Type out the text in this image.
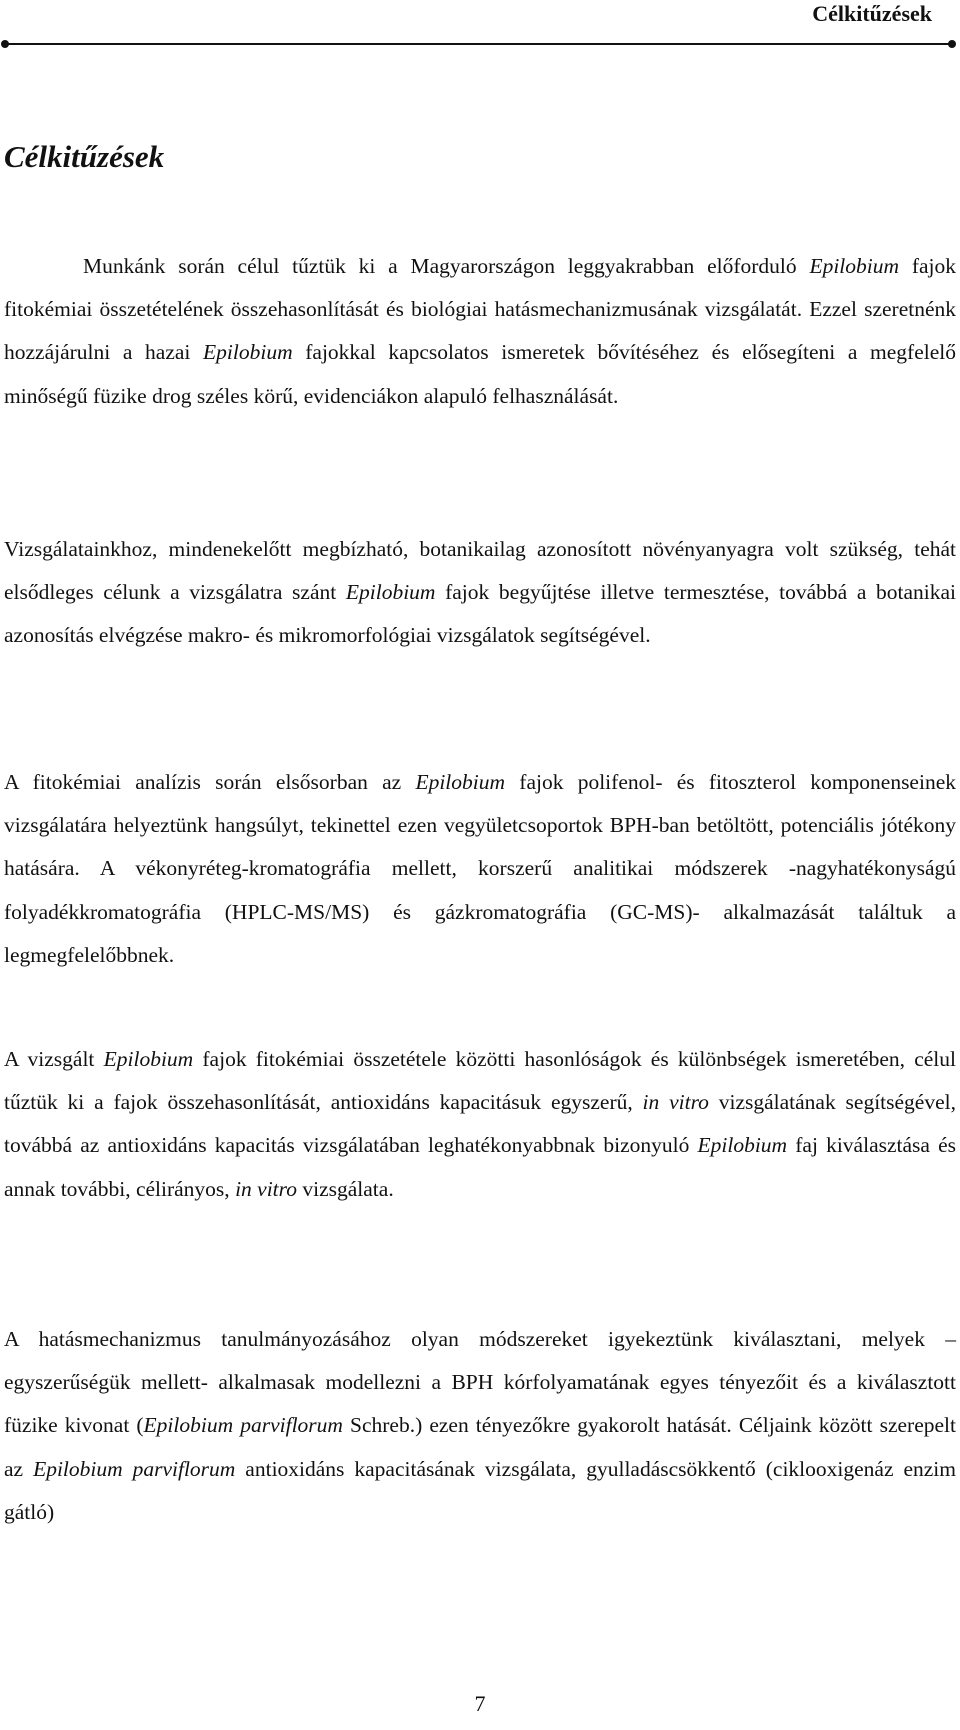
Célkitűzések
Célkitűzések

Munkánk során célul tűztük ki a Magyarországon leggyakrabban előforduló Epilobium fajok fitokémiai összetételének összehasonlítását és biológiai hatásmechanizmusának vizsgálatát. Ezzel szeretnénk hozzájárulni a hazai Epilobium fajokkal kapcsolatos ismeretek bővítéséhez és elősegíteni a megfelelő minőségű füzike drog széles körű, evidenciákon alapuló felhasználását.

Vizsgálatainkhoz, mindenekelőtt megbízható, botanikailag azonosított növényanyagra volt szükség, tehát elsődleges célunk a vizsgálatra szánt Epilobium fajok begyűjtése illetve termesztése, továbbá a botanikai azonosítás elvégzése makro- és mikromorfológiai vizsgálatok segítségével.

A fitokémiai analízis során elsősorban az Epilobium fajok polifenol- és fitoszterol komponenseinek vizsgálatára helyeztünk hangsúlyt, tekinettel ezen vegyületcsoportok BPH-ban betöltött, potenciális jótékony hatására. A vékonyréteg-kromatográfia mellett, korszerű analitikai módszerek -nagyhatékonyságú folyadékkromatográfia (HPLC-MS/MS) és gázkromatográfia (GC-MS)- alkalmazását találtuk a legmegfelelőbbnek.

A vizsgált Epilobium fajok fitokémiai összetétele közötti hasonlóságok és különbségek ismeretében, célul tűztük ki a fajok összehasonlítását, antioxidáns kapacitásuk egyszerű, in vitro vizsgálatának segítségével, továbbá az antioxidáns kapacitás vizsgálatában leghatékonyabbnak bizonyuló Epilobium faj kiválasztása és annak további, célirányos, in vitro vizsgálata.

A hatásmechanizmus tanulmányozásához olyan módszereket igyekeztünk kiválasztani, melyek –egyszerűségük mellett- alkalmasak modellezni a BPH kórfolyamatának egyes tényezőit és a kiválasztott füzike kivonat (Epilobium parviflorum Schreb.) ezen tényezőkre gyakorolt hatását. Céljaink között szerepelt az Epilobium parviflorum antioxidáns kapacitásának vizsgálata, gyulladáscsökkentő (ciklooxigenáz enzim gátló)

7
